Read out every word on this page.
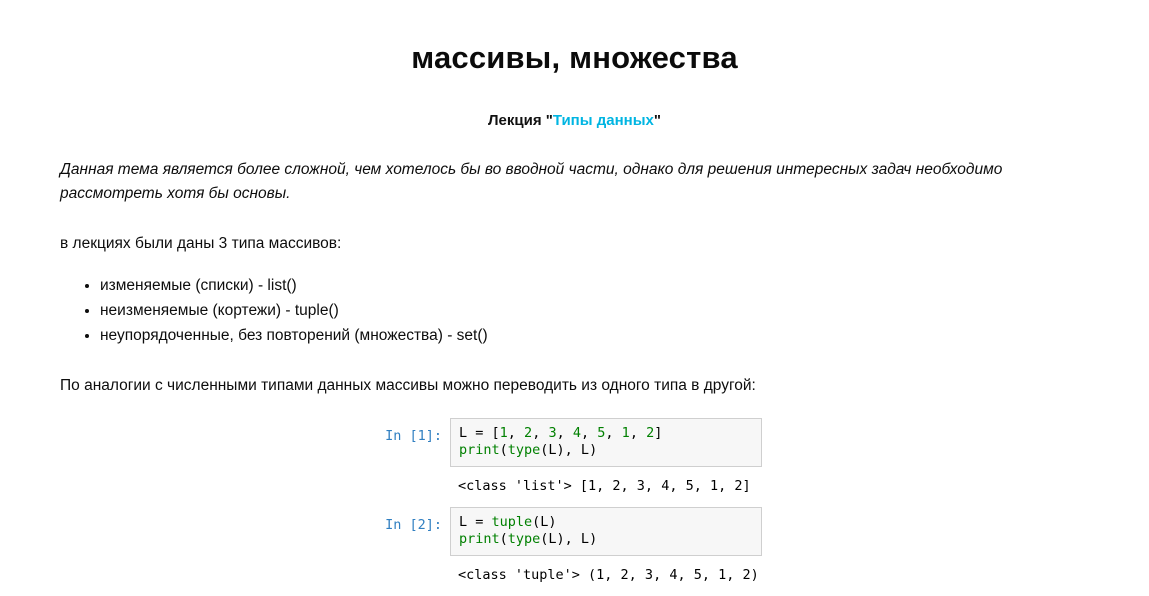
массивы, множества
Лекция "Типы данных"

Данная тема является более сложной, чем хотелось бы во вводной части, однако для решения интересных задач необходимо рассмотреть хотя бы основы.

в лекциях были даны 3 типа массивов:

• изменяемые (списки) - list()
• неизменяемые (кортежи) - tuple()
• неупорядоченные, без повторений (множества) - set()

По аналогии с численными типами данных массивы можно переводить из одного типа в другой:

In [1]:	L = [1, 2, 3, 4, 5, 1, 2]
print(type(L), L)
<class 'list'> [1, 2, 3, 4, 5, 1, 2]
In [2]:	L = tuple(L)
print(type(L), L)
<class 'tuple'> (1, 2, 3, 4, 5, 1, 2)
